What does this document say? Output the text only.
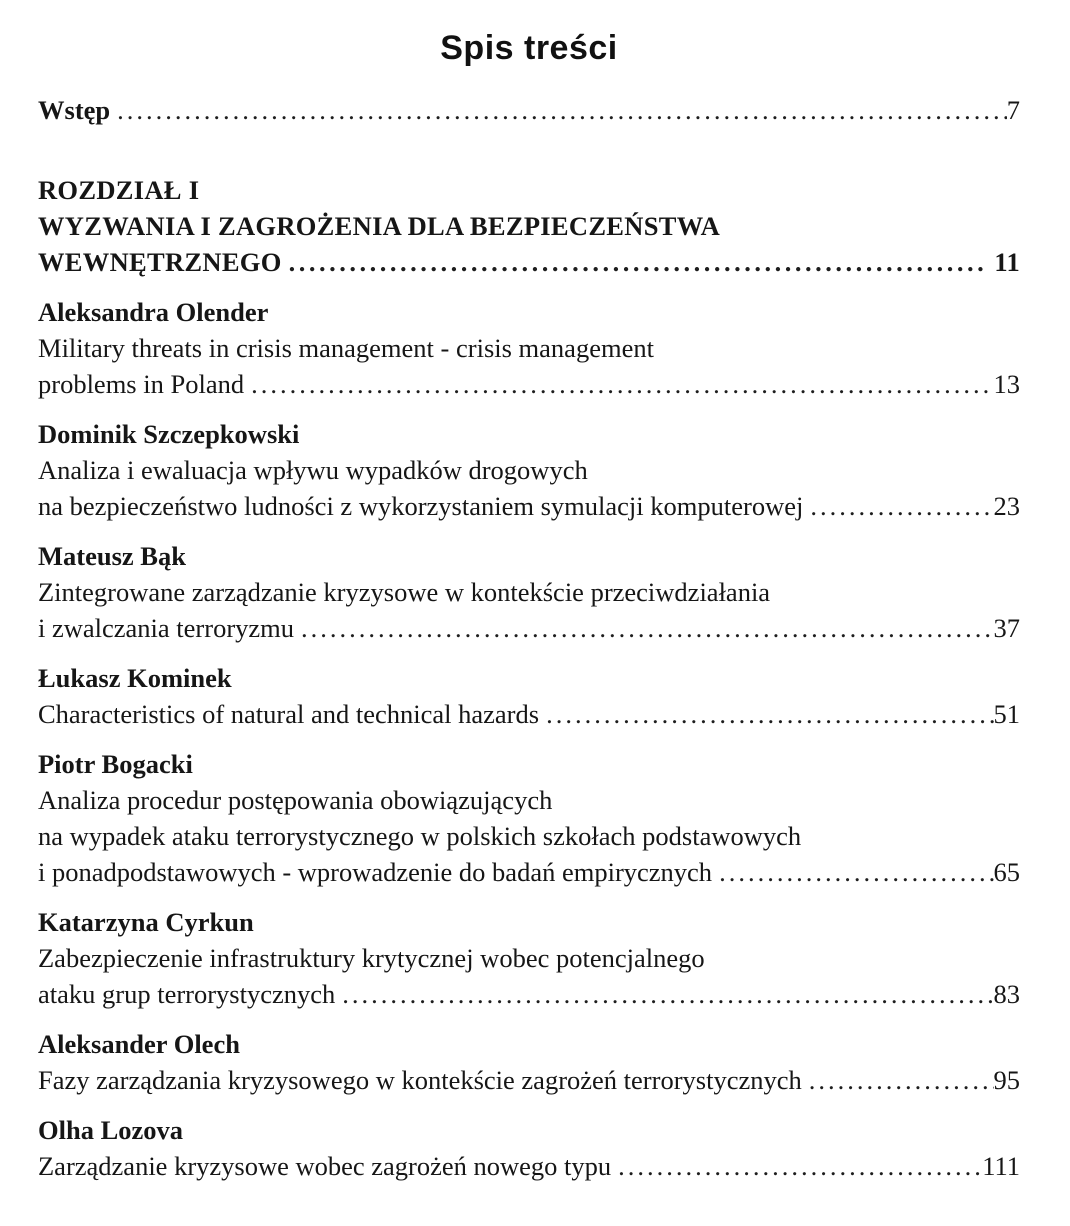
Spis treści
Wstęp .....	7
ROZDZIAŁ I
WYZWANIA I ZAGROŻENIA DLA BEZPIECZEŃSTWA
WEWNĘTRZNEGO .....	11
Aleksandra Olender
Military threats in crisis management - crisis management
problems in Poland .....	13
Dominik Szczepkowski
Analiza i ewaluacja wpływu wypadków drogowych
na bezpieczeństwo ludności z wykorzystaniem symulacji komputerowej .....	23
Mateusz Bąk
Zintegrowane zarządzanie kryzysowe w kontekście przeciwdziałania
i zwalczania terroryzmu .....	37
Łukasz Kominek
Characteristics of natural and technical hazards .....	51
Piotr Bogacki
Analiza procedur postępowania obowiązujących
na wypadek ataku terrorystycznego w polskich szkołach podstawowych
i ponadpodstawowych - wprowadzenie do badań empirycznych .....	65
Katarzyna Cyrkun
Zabezpieczenie infrastruktury krytycznej wobec potencjalnego
ataku grup terrorystycznych .....	83
Aleksander Olech
Fazy zarządzania kryzysowego w kontekście zagrożeń terrorystycznych .....	95
Olha Lozova
Zarządzanie kryzysowe wobec zagrożeń nowego typu .....	111
